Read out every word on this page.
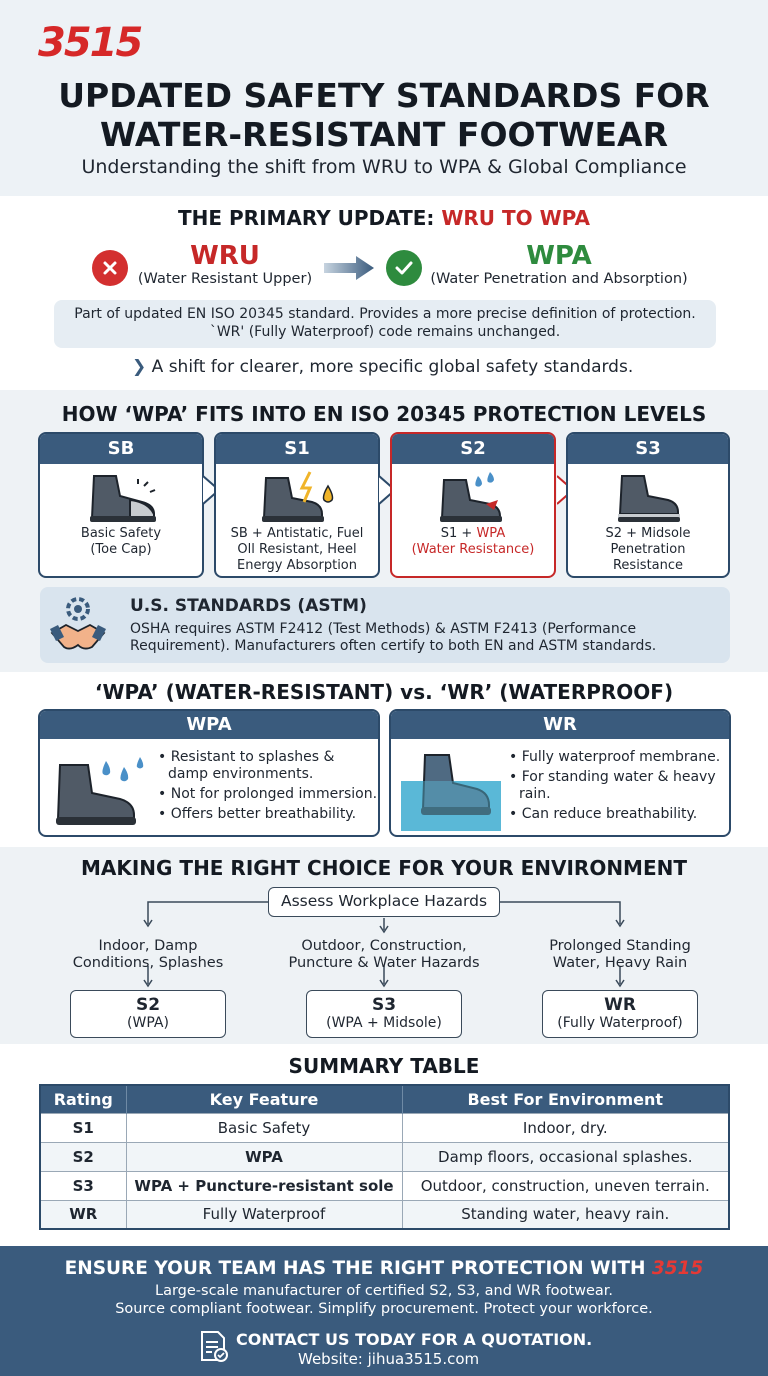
3515
UPDATED SAFETY STANDARDS FOR
WATER-RESISTANT FOOTWEAR
Understanding the shift from WRU to WPA & Global Compliance
THE PRIMARY UPDATE: WRU TO WPA
WRU
(Water Resistant Upper)
WPA
(Water Penetration and Absorption)
Part of updated EN ISO 20345 standard. Provides a more precise definition of protection.
`WR' (Fully Waterproof) code remains unchanged.
❯ A shift for clearer, more specific global safety standards.
HOW ‘WPA’ FITS INTO EN ISO 20345 PROTECTION LEVELS
SB
Basic Safety
(Toe Cap)
S1
SB + Antistatic, Fuel
Oll Resistant, Heel
Energy Absorption
S2
S1 + WPA
(Water Resistance)
S3
S2 + Midsole
Penetration
Resistance
U.S. STANDARDS (ASTM)
OSHA requires ASTM F2412 (Test Methods) & ASTM F2413 (Performance
Requirement). Manufacturers often certify to both EN and ASTM standards.
‘WPA’ (WATER-RESISTANT) vs. ‘WR’ (WATERPROOF)
WPA
• Resistant to splashes & damp environments.
• Not for prolonged immersion.
• Offers better breathability.
WR
• Fully waterproof membrane.
• For standing water & heavy rain.
• Can reduce breathability.
MAKING THE RIGHT CHOICE FOR YOUR ENVIRONMENT
Assess Workplace Hazards
Indoor, Damp
Conditions, Splashes
Outdoor, Construction,
Puncture & Water Hazards
Prolonged Standing
Water, Heavy Rain
S2
(WPA)
S3
(WPA + Midsole)
WR
(Fully Waterproof)
SUMMARY TABLE
Rating	Key Feature	Best For Environment
S1	Basic Safety	Indoor, dry.
S2	WPA	Damp floors, occasional splashes.
S3	WPA + Puncture-resistant sole	Outdoor, construction, uneven terrain.
WR	Fully Waterproof	Standing water, heavy rain.
ENSURE YOUR TEAM HAS THE RIGHT PROTECTION WITH 3515
Large-scale manufacturer of certified S2, S3, and WR footwear.
Source compliant footwear. Simplify procurement. Protect your workforce.
CONTACT US TODAY FOR A QUOTATION.
Website: jihua3515.com
